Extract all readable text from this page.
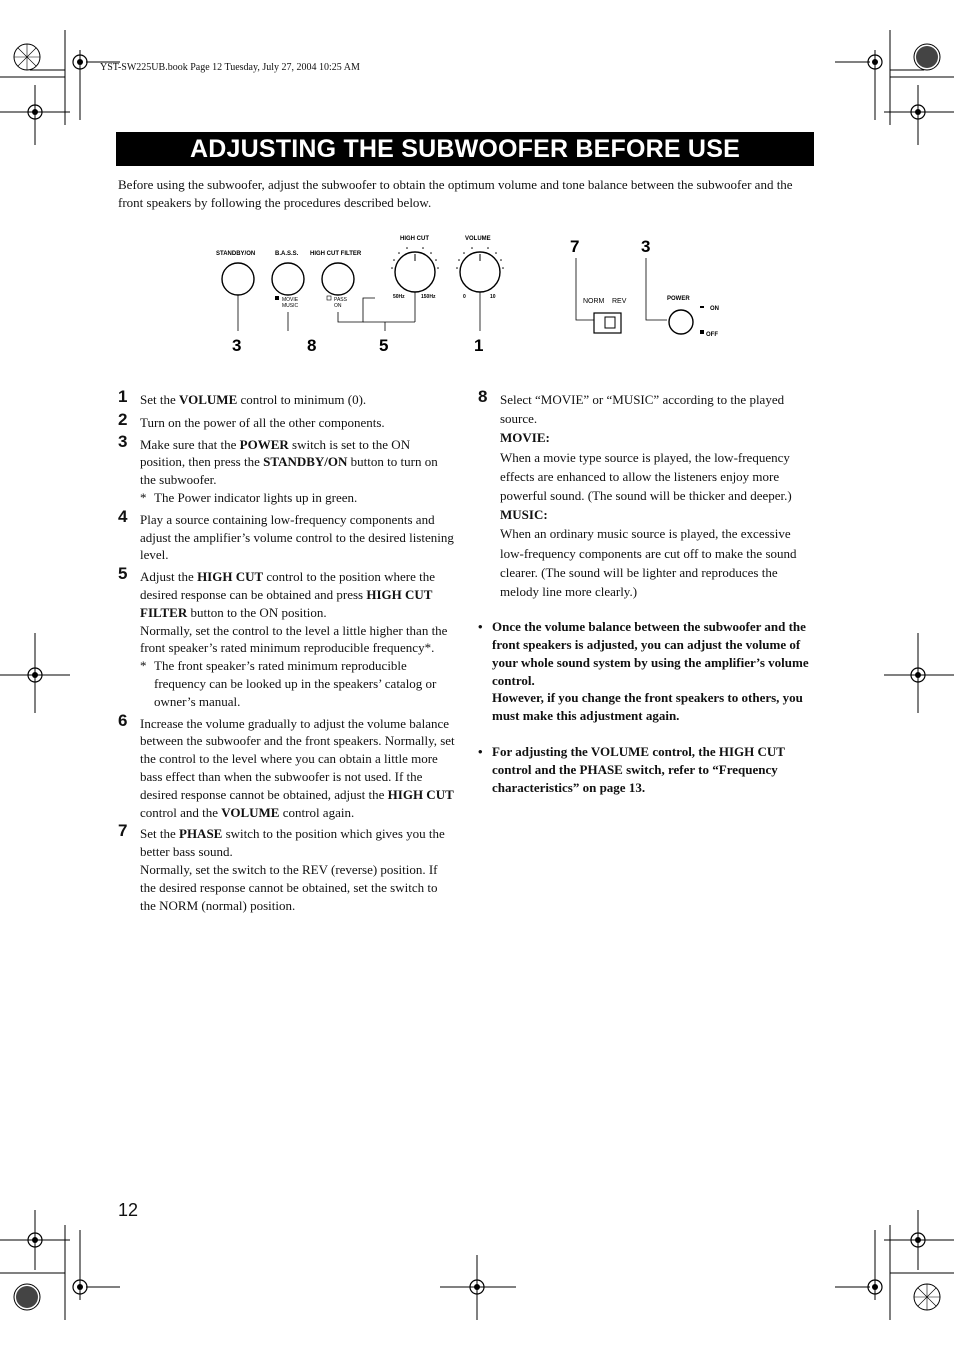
YST-SW225UB.book Page 12 Tuesday, July 27, 2004 10:25 AM
ADJUSTING THE SUBWOOFER BEFORE USE
Before using the subwoofer, adjust the subwoofer to obtain the optimum volume and tone balance between the subwoofer and the front speakers by following the procedures described below.
STANDBY/ON	B.A.S.S. HIGH CUT FILTER
HIGH CUT	VOLUME
MOVIE
MUSIC
PASS
ON
50Hz	150Hz	0	10
3	8	5	1
7	3
NORM REV	POWER
ON
OFF
1 Set the VOLUME control to minimum (0).
2 Turn on the power of all the other components.
3 Make sure that the POWER switch is set to the ON position, then press the STANDBY/ON button to turn on the subwoofer.
* The Power indicator lights up in green.
4 Play a source containing low-frequency components and adjust the amplifier’s volume control to the desired listening level.
5 Adjust the HIGH CUT control to the position where the desired response can be obtained and press HIGH CUT FILTER button to the ON position.
Normally, set the control to the level a little higher than the front speaker’s rated minimum reproducible frequency*.
* The front speaker’s rated minimum reproducible frequency can be looked up in the speakers’ catalog or owner’s manual.
6 Increase the volume gradually to adjust the volume balance between the subwoofer and the front speakers. Normally, set the control to the level where you can obtain a little more bass effect than when the subwoofer is not used. If the desired response cannot be obtained, adjust the HIGH CUT control and the VOLUME control again.
7 Set the PHASE switch to the position which gives you the better bass sound.
Normally, set the switch to the REV (reverse) position. If the desired response cannot be obtained, set the switch to the NORM (normal) position.
8 Select “MOVIE” or “MUSIC” according to the played source.
MOVIE:
When a movie type source is played, the low-frequency effects are enhanced to allow the listeners enjoy more powerful sound. (The sound will be thicker and deeper.)
MUSIC:
When an ordinary music source is played, the excessive low-frequency components are cut off to make the sound clearer. (The sound will be lighter and reproduces the melody line more clearly.)
• Once the volume balance between the subwoofer and the front speakers is adjusted, you can adjust the volume of your whole sound system by using the amplifier’s volume control.
However, if you change the front speakers to others, you must make this adjustment again.
• For adjusting the VOLUME control, the HIGH CUT control and the PHASE switch, refer to “Frequency characteristics” on page 13.
12
